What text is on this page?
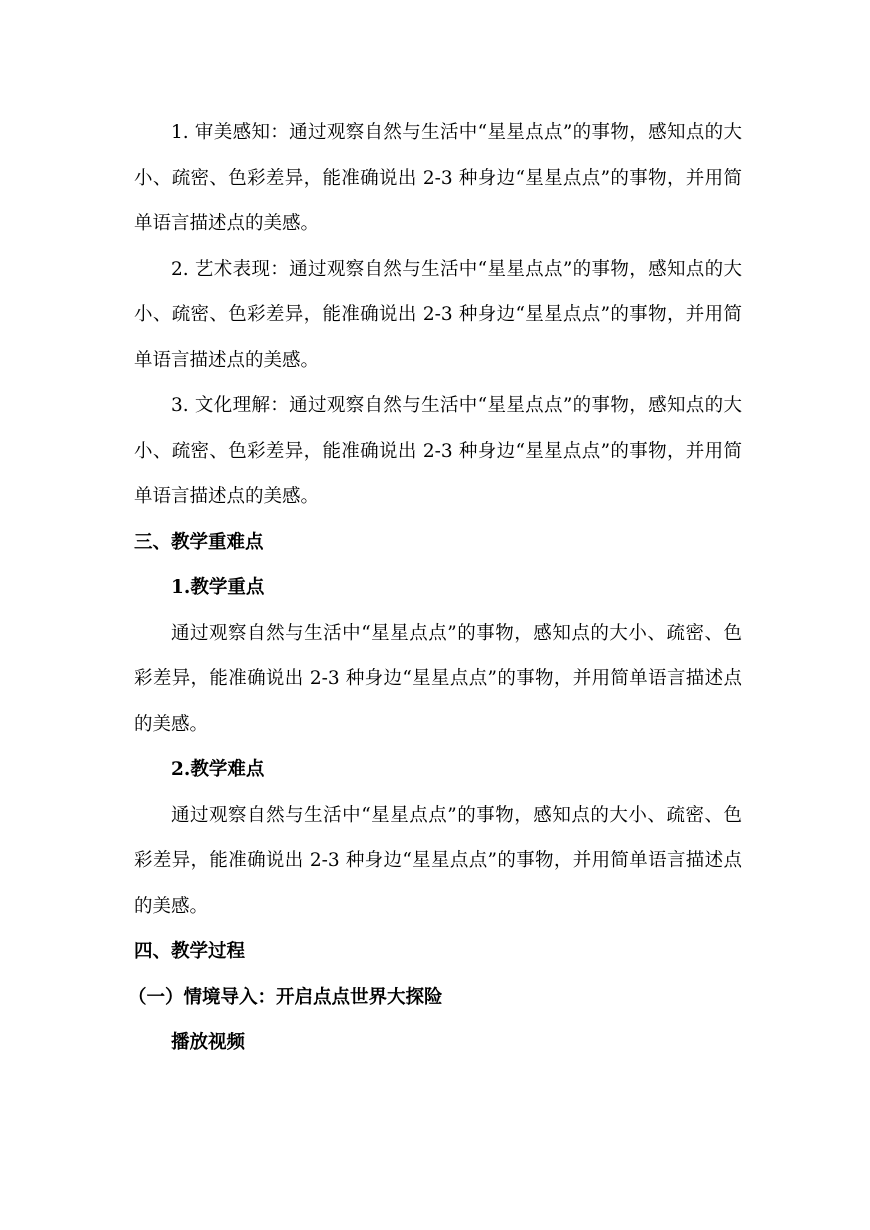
1. 审美感知：通过观察自然与生活中“星星点点”的事物，感知点的大小、疏密、色彩差异，能准确说出 2-3 种身边“星星点点”的事物，并用简单语言描述点的美感。

2. 艺术表现：通过观察自然与生活中“星星点点”的事物，感知点的大小、疏密、色彩差异，能准确说出 2-3 种身边“星星点点”的事物，并用简单语言描述点的美感。

3. 文化理解：通过观察自然与生活中“星星点点”的事物，感知点的大小、疏密、色彩差异，能准确说出 2-3 种身边“星星点点”的事物，并用简单语言描述点的美感。

三、教学重难点

1.教学重点

通过观察自然与生活中“星星点点”的事物，感知点的大小、疏密、色彩差异，能准确说出 2-3 种身边“星星点点”的事物，并用简单语言描述点的美感。

2.教学难点

通过观察自然与生活中“星星点点”的事物，感知点的大小、疏密、色彩差异，能准确说出 2-3 种身边“星星点点”的事物，并用简单语言描述点的美感。

四、教学过程

（一）情境导入：开启点点世界大探险

播放视频
